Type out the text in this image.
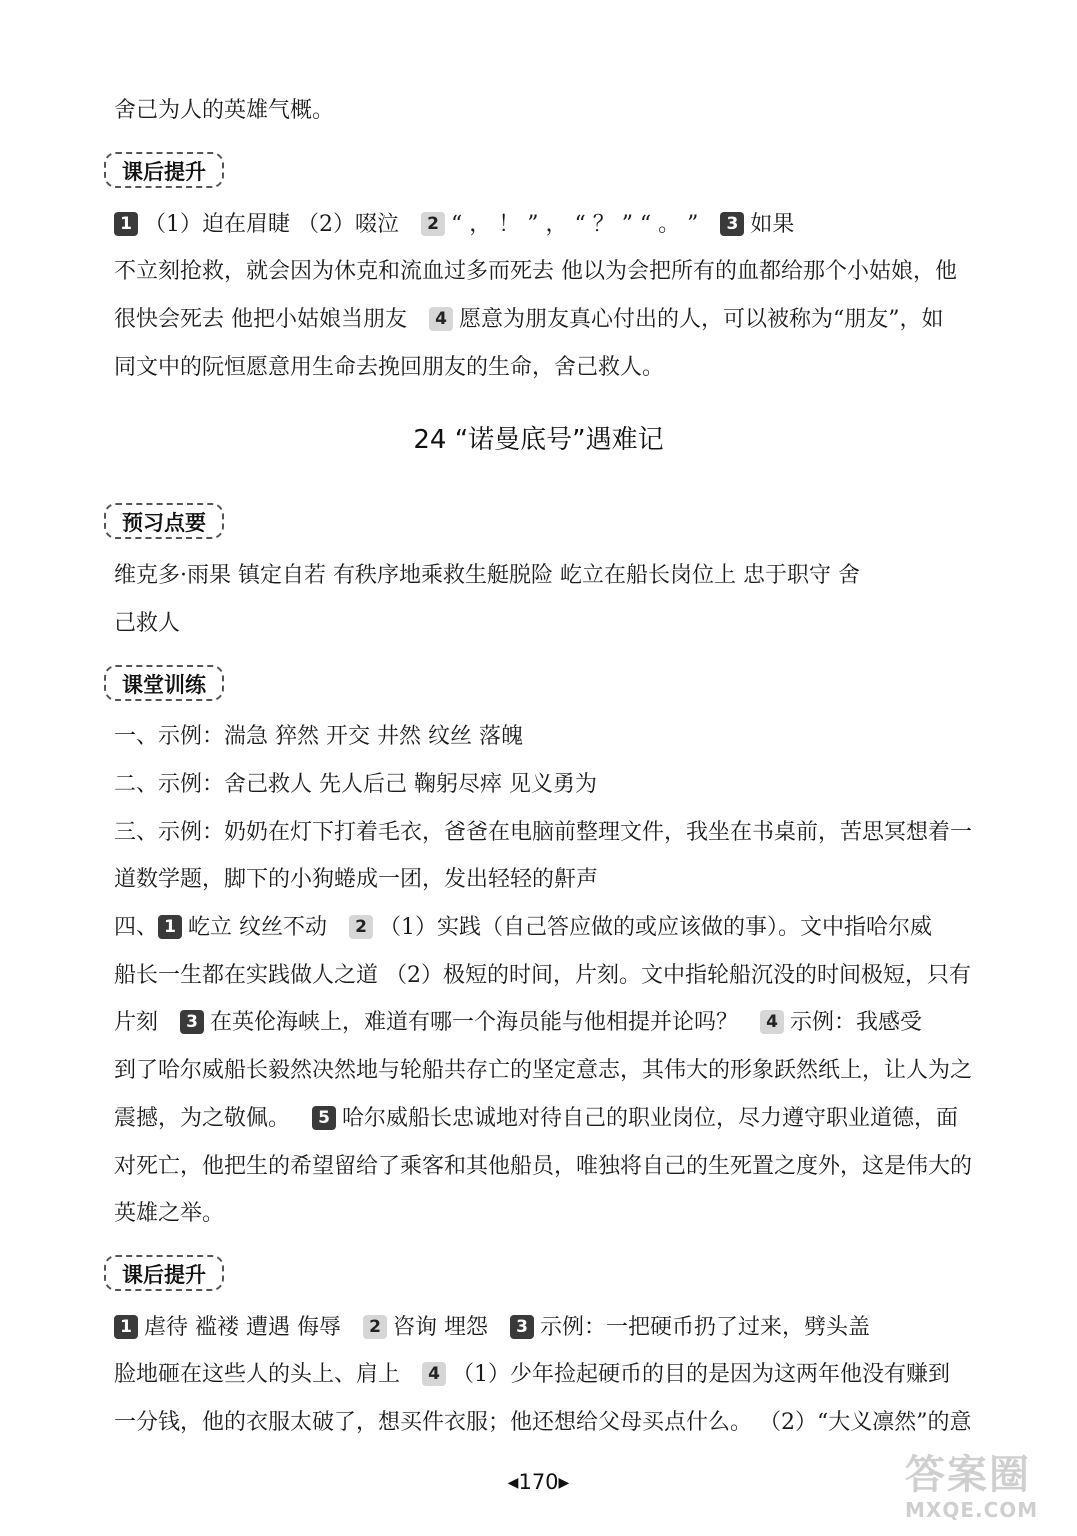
舍己为人的英雄气概。
课后提升
1 （1）迫在眉睫 （2）啜泣 2 “ ， ！ ” ， “ ？ ” “ 。 ” 3 如果
不立刻抢救，就会因为休克和流血过多而死去 他以为会把所有的血都给那个小姑娘，他
很快会死去 他把小姑娘当朋友 4 愿意为朋友真心付出的人，可以被称为“朋友”，如
同文中的阮恒愿意用生命去挽回朋友的生命，舍己救人。
24 “诺曼底号”遇难记
预习点要
维克多·雨果 镇定自若 有秩序地乘救生艇脱险 屹立在船长岗位上 忠于职守 舍
己救人
课堂训练
一、示例：湍急 猝然 开交 井然 纹丝 落魄
二、示例：舍己救人 先人后己 鞠躬尽瘁 见义勇为
三、示例：奶奶在灯下打着毛衣，爸爸在电脑前整理文件，我坐在书桌前，苦思冥想着一
道数学题，脚下的小狗蜷成一团，发出轻轻的鼾声
四、 1 屹立 纹丝不动 2 （1）实践（自己答应做的或应该做的事）。文中指哈尔威
船长一生都在实践做人之道 （2）极短的时间，片刻。文中指轮船沉没的时间极短，只有
片刻 3 在英伦海峡上，难道有哪一个海员能与他相提并论吗？ 4 示例：我感受
到了哈尔威船长毅然决然地与轮船共存亡的坚定意志，其伟大的形象跃然纸上，让人为之
震撼，为之敬佩。 5 哈尔威船长忠诚地对待自己的职业岗位，尽力遵守职业道德，面
对死亡，他把生的希望留给了乘客和其他船员，唯独将自己的生死置之度外，这是伟大的
英雄之举。
课后提升
1 虐待 褴褛 遭遇 侮辱 2 咨询 埋怨 3 示例：一把硬币扔了过来，劈头盖
脸地砸在这些人的头上、肩上 4 （1）少年捡起硬币的目的是因为这两年他没有赚到
一分钱，他的衣服太破了，想买件衣服；他还想给父母买点什么。 （2）“大义凛然”的意
◀170▶	答案圈
MXQE.COM
